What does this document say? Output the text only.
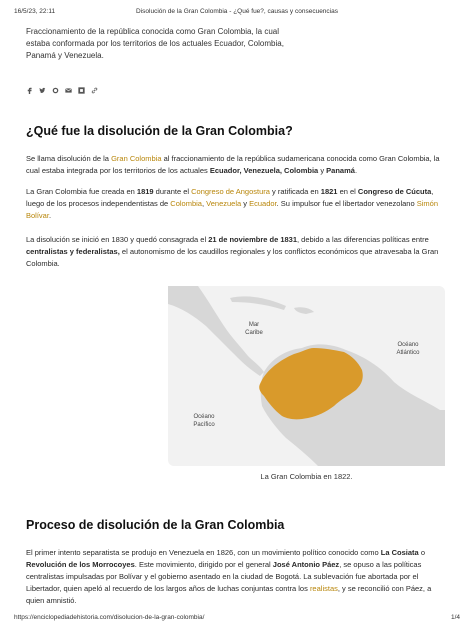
16/5/23, 22:11	Disolución de la Gran Colombia - ¿Qué fue?, causas y consecuencias
Fraccionamiento de la república conocida como Gran Colombia, la cual estaba conformada por los territorios de los actuales Ecuador, Colombia, Panamá y Venezuela.
¿Qué fue la disolución de la Gran Colombia?

Se llama disolución de la Gran Colombia al fraccionamiento de la república sudamericana conocida como Gran Colombia, la cual estaba integrada por los territorios de los actuales Ecuador, Venezuela, Colombia y Panamá.

La Gran Colombia fue creada en 1819 durante el Congreso de Angostura y ratificada en 1821 en el Congreso de Cúcuta, luego de los procesos independentistas de Colombia, Venezuela y Ecuador. Su impulsor fue el libertador venezolano Simón Bolívar.

La disolución se inició en 1830 y quedó consagrada el 21 de noviembre de 1831, debido a las diferencias políticas entre centralistas y federalistas, el autonomismo de los caudillos regionales y los conflictos económicos que atravesaba la Gran Colombia.

Mar
Caribe
Océano
Atlántico
Océano
Pacífico
La Gran Colombia en 1822.
Proceso de disolución de la Gran Colombia

El primer intento separatista se produjo en Venezuela en 1826, con un movimiento político conocido como La Cosiata o Revolución de los Morrocoyes. Este movimiento, dirigido por el general José Antonio Páez, se opuso a las políticas centralistas impulsadas por Bolívar y el gobierno asentado en la ciudad de Bogotá. La sublevación fue abortada por el Libertador, quien apeló al recuerdo de los largos años de luchas conjuntas contra los realistas, y se reconcilió con Páez, a quien amnistió.

https://enciclopediadehistoria.com/disolucion-de-la-gran-colombia/	1/4
